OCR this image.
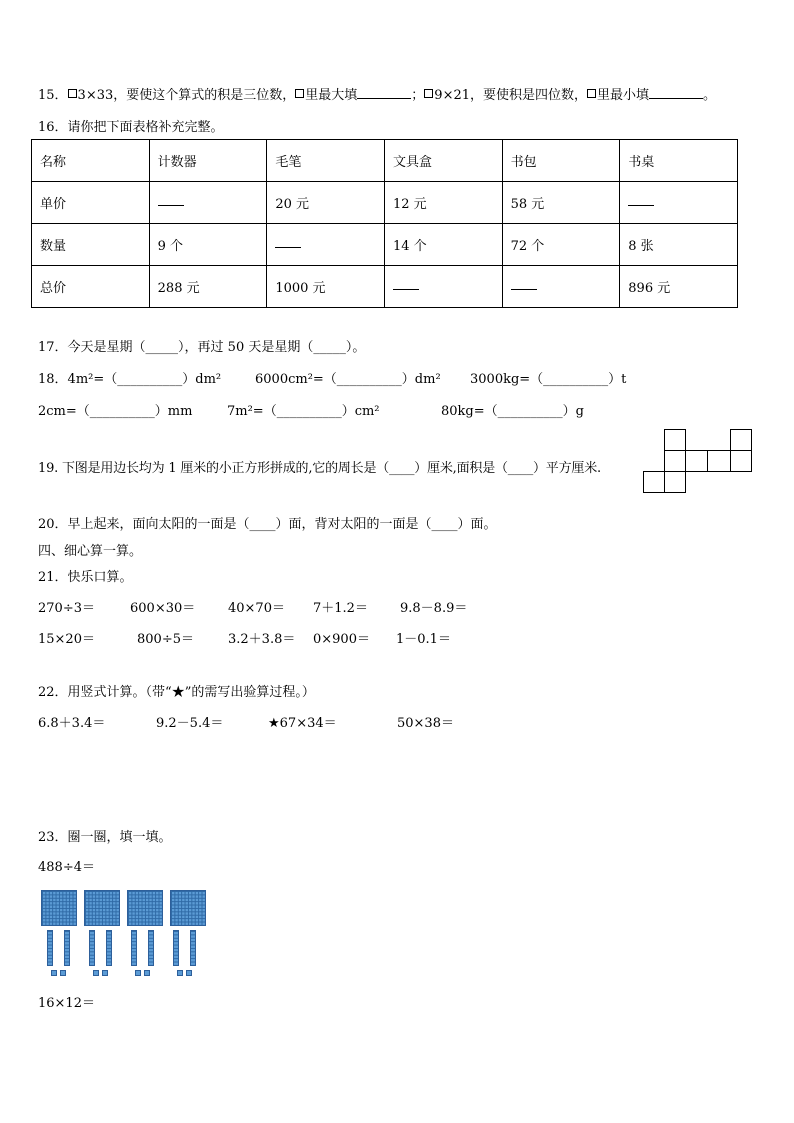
15． 3×33，要使这个算式的积是三位数， 里最大填	； 9×21，要使积是四位数， 里最小填	。
16．请你把下面表格补充完整。
名称	计数器	毛笔	文具盒	书包	书桌
单价		20 元	12 元	58 元	
数量	9 个		14 个	72 个	8 张
总价	288 元	1000 元			896 元
17．今天是星期（_____），再过 50 天是星期（_____）。
18．4m²=（__________）dm²	6000cm²=（__________）dm² 3000kg=（__________）t
2cm=（__________）mm	7m²=（__________）cm²	80kg=（__________）g
19. 下图是用边长均为 1 厘米的小正方形拼成的,它的周长是（____）厘米,面积是（____）平方厘米.
20．早上起来，面向太阳的一面是（____）面，背对太阳的一面是（____）面。
四、细心算一算。
21．快乐口算。
270÷3＝	600×30＝	40×70＝ 7＋1.2＝ 9.8－8.9＝
15×20＝	800÷5＝	3.2＋3.8＝ 0×900＝ 1－0.1＝
22．用竖式计算。（带“★”的需写出验算过程。）
6.8＋3.4＝	9.2－5.4＝	★67×34＝	50×38＝
23．圈一圈，填一填。
488÷4＝
16×12＝
